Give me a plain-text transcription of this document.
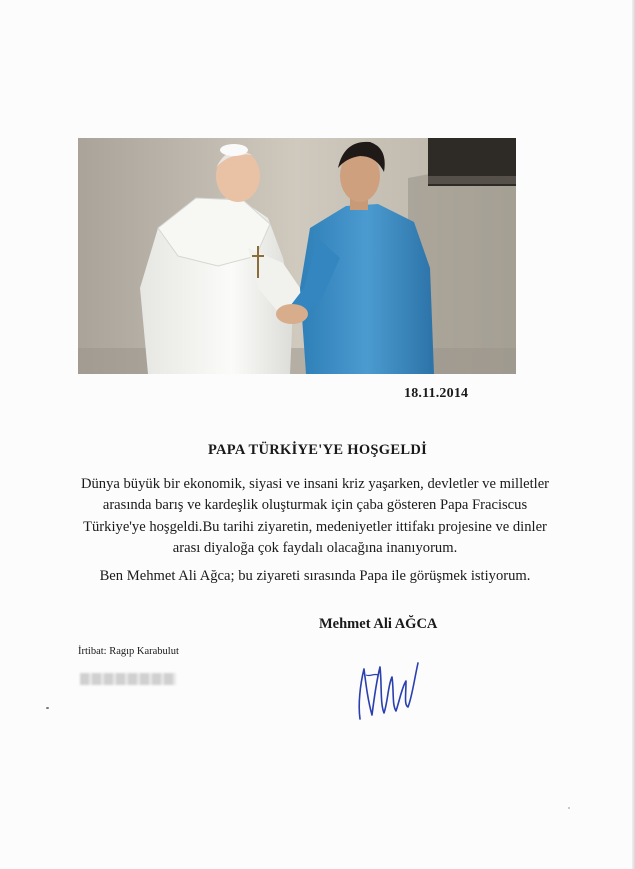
18.11.2014
PAPA TÜRKİYE'YE HOŞGELDİ
Dünya büyük bir ekonomik, siyasi ve insani kriz yaşarken, devletler ve milletler arasında barış ve kardeşlik oluşturmak için çaba gösteren Papa Fraciscus Türkiye'ye hoşgeldi.Bu tarihi ziyaretin, medeniyetler ittifakı projesine ve dinler arası diyaloğa çok faydalı olacağına inanıyorum.
Ben Mehmet Ali Ağca; bu ziyareti sırasında Papa ile görüşmek istiyorum.
Mehmet Ali AĞCA
İrtibat: Ragıp Karabulut
